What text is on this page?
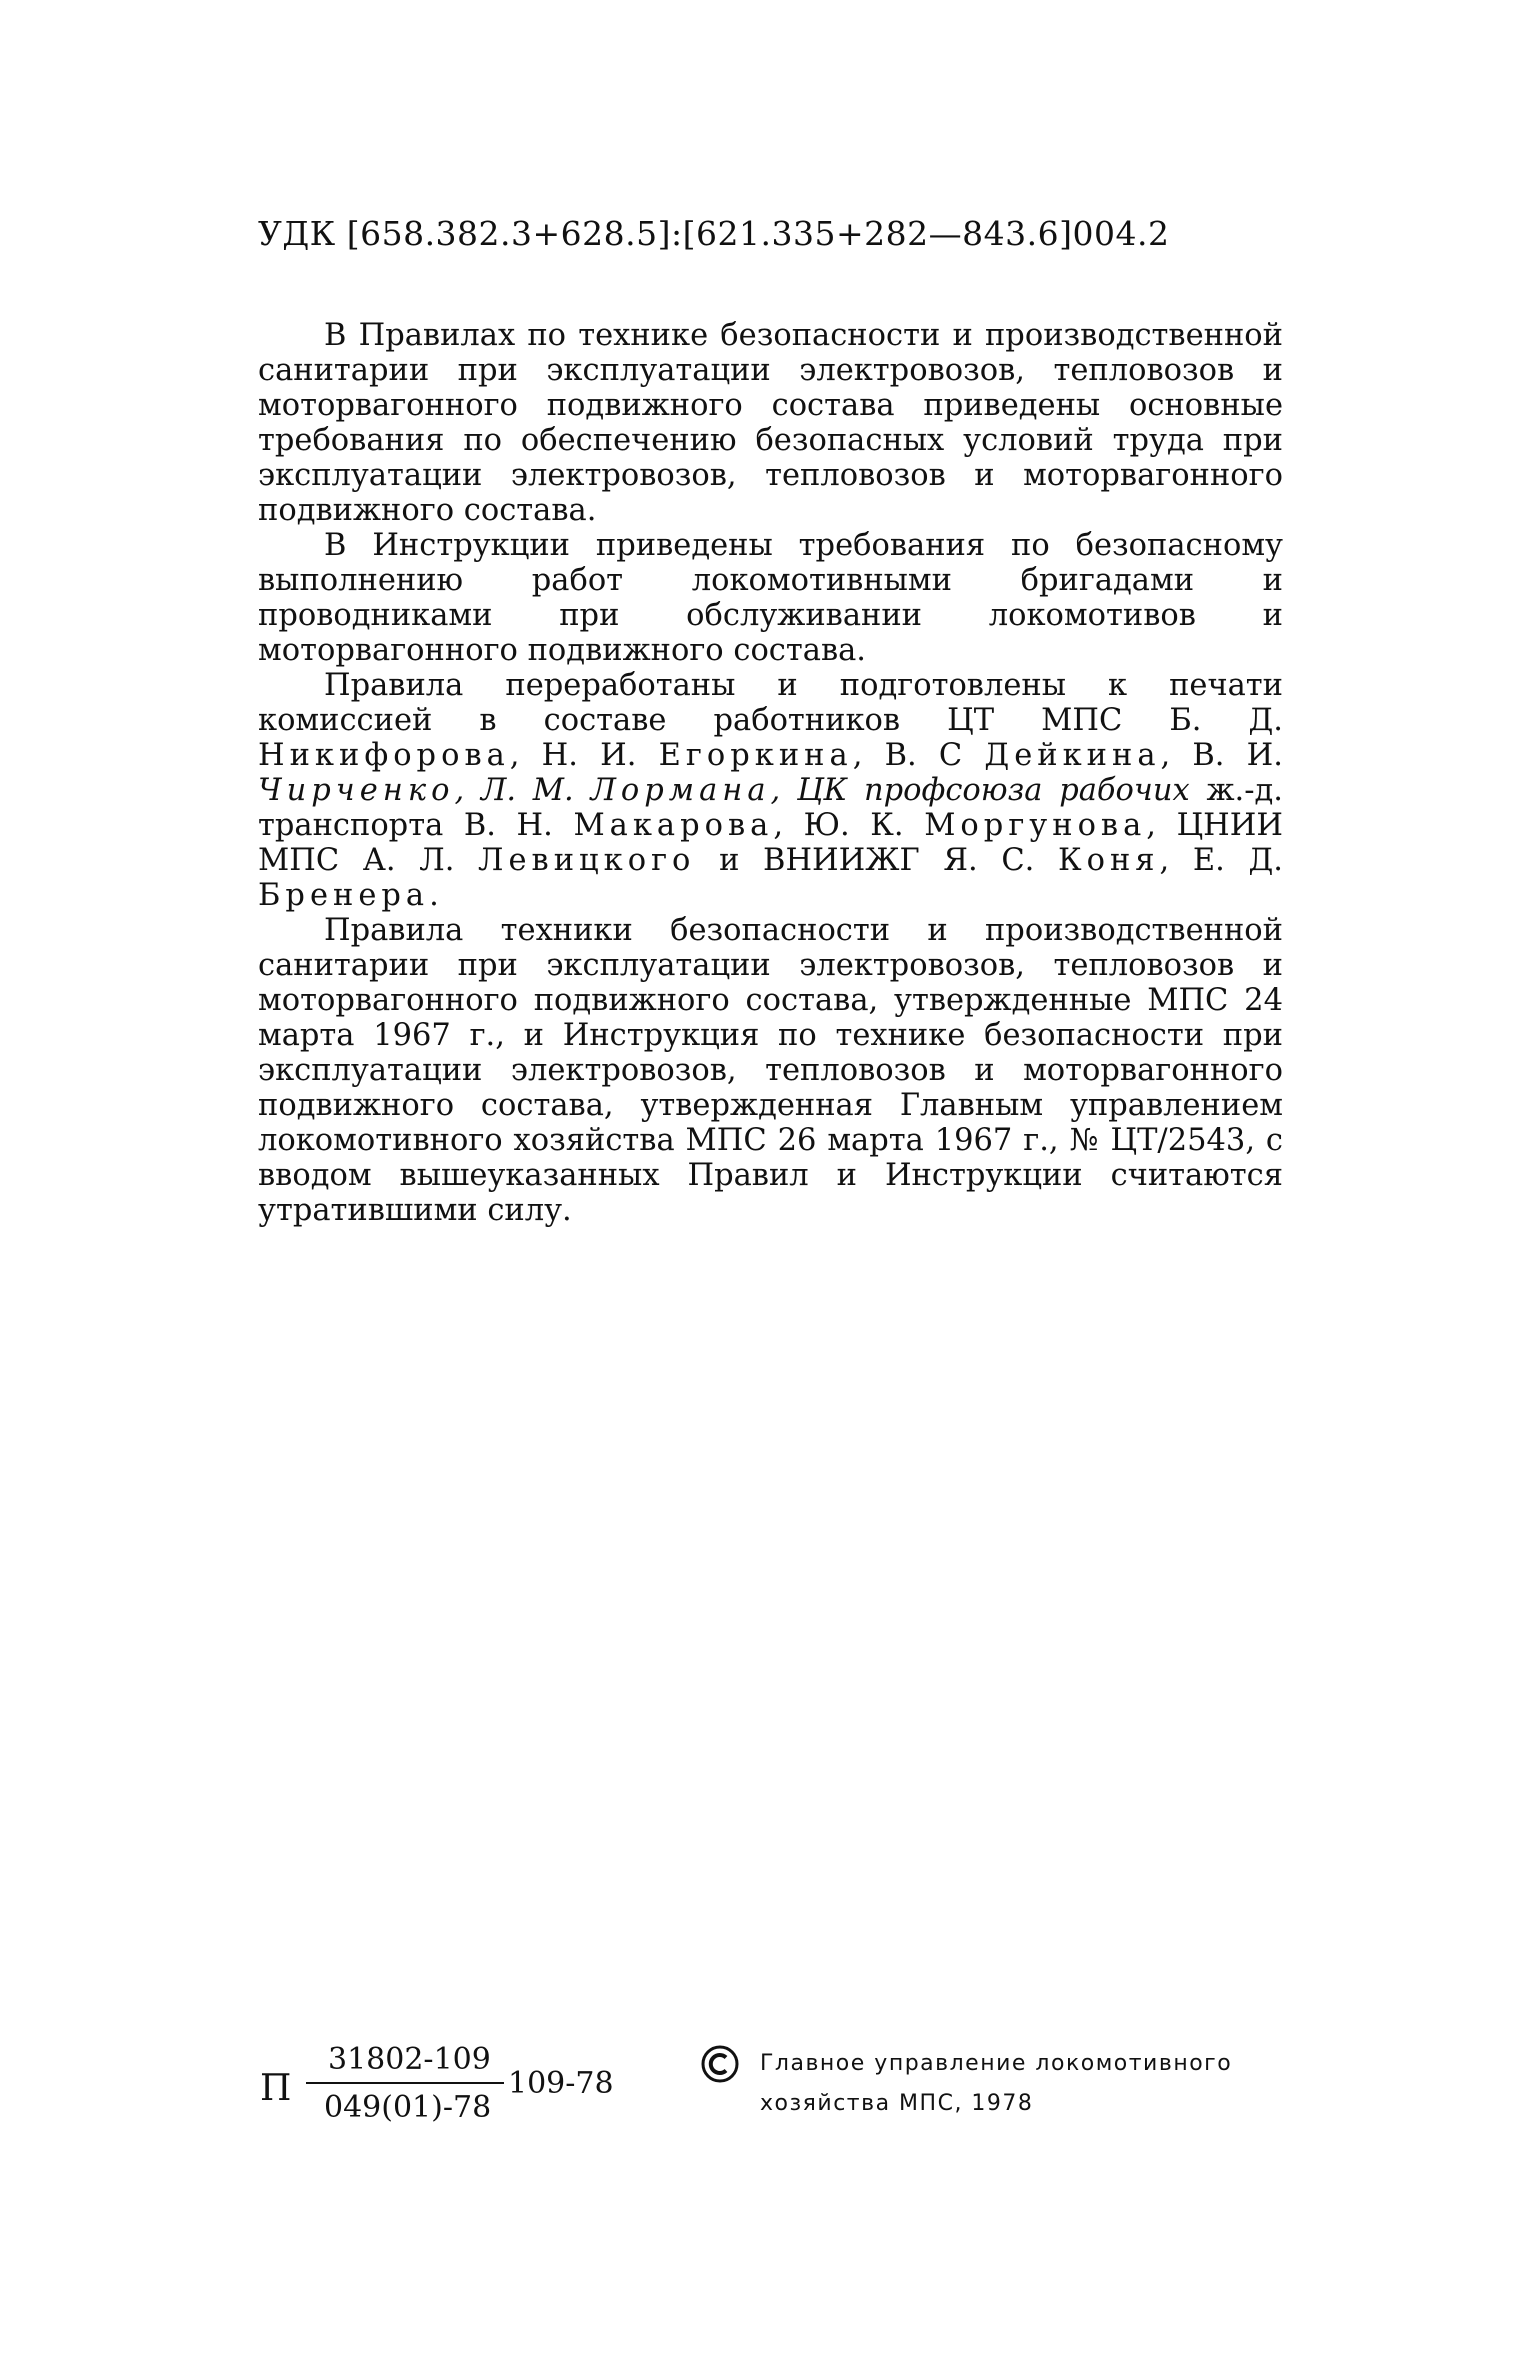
УДК [658.382.3+628.5]:[621.335+282—843.6]004.2

В Правилах по технике безопасности и производственной санитарии при эксплуатации электровозов, тепловозов и моторвагонного подвижного состава приведены основные требования по обеспечению безопасных условий труда при эксплуатации электровозов, тепловозов и моторвагонного подвижного состава.

В Инструкции приведены требования по безопасному выполнению работ локомотивными бригадами и проводниками при обслуживании локомотивов и моторвагонного подвижного состава.

Правила переработаны и подготовлены к печати комиссией в составе работников ЦТ МПС Б. Д. Никифорова, Н. И. Егоркина, В. С Дейкина, В. И. Чирченко, Л. М. Лормана, ЦК профсоюза рабочих ж.-д. транспорта В. Н. Макарова, Ю. К. Моргунова, ЦНИИ МПС А. Л. Левицкого и ВНИИЖГ Я. С. Коня, Е. Д. Бренера.

Правила техники безопасности и производственной санитарии при эксплуатации электровозов, тепловозов и моторвагонного подвижного состава, утвержденные МПС 24 марта 1967 г., и Инструкция по технике безопасности при эксплуатации электровозов, тепловозов и моторвагонного подвижного состава, утвержденная Главным управлением локомотивного хозяйства МПС 26 марта 1967 г., № ЦТ/2543, с вводом вышеуказанных Правил и Инструкции считаются утратившими силу.

П
31802-109
049(01)-78
109-78
Главное управление локомотивного
хозяйства МПС, 1978
